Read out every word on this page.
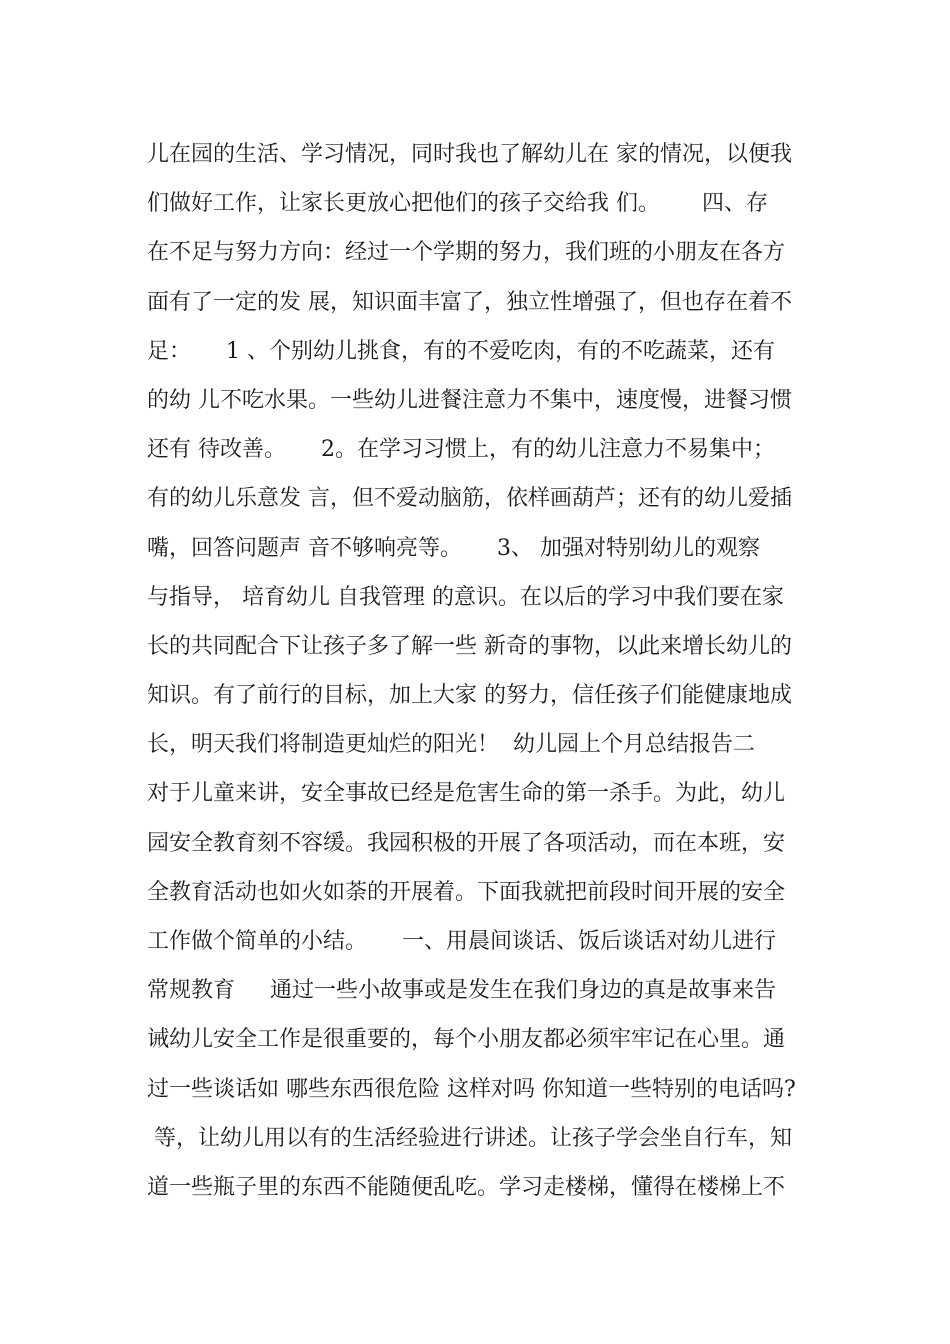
儿在园的生活、学习情况，同时我也了解幼儿在 家的情况，以便我
们做好工作，让家长更放心把他们的孩子交给我 们。      四、存
在不足与努力方向：经过一个学期的努力，我们班的小朋友在各方
面有了一定的发 展，知识面丰富了，独立性增强了，但也存在着不
足：     1 、个别幼儿挑食，有的不爱吃肉，有的不吃蔬菜，还有
的幼 儿不吃水果。一些幼儿进餐注意力不集中，速度慢，进餐习惯
还有 待改善。     2。在学习习惯上，有的幼儿注意力不易集中；
有的幼儿乐意发 言，但不爱动脑筋，依样画葫芦；还有的幼儿爱插
嘴，回答问题声 音不够响亮等。     3、 加强对特别幼儿的观察
与指导， 培育幼儿 自我管理 的意识。在以后的学习中我们要在家
长的共同配合下让孩子多了解一些 新奇的事物，以此来增长幼儿的
知识。有了前行的目标，加上大家 的努力，信任孩子们能健康地成
长，明天我们将制造更灿烂的阳光！  幼儿园上个月总结报告二
对于儿童来讲，安全事故已经是危害生命的第一杀手。为此，幼儿
园安全教育刻不容缓。我园积极的开展了各项活动，而在本班，安
全教育活动也如火如荼的开展着。下面我就把前段时间开展的安全
工作做个简单的小结。     一、用晨间谈话、饭后谈话对幼儿进行
常规教育     通过一些小故事或是发生在我们身边的真是故事来告
诫幼儿安全工作是很重要的，每个小朋友都必须牢牢记在心里。通
过一些谈话如 哪些东西很危险 这样对吗 你知道一些特别的电话吗?
等，让幼儿用以有的生活经验进行讲述。让孩子学会坐自行车，知
道一些瓶子里的东西不能随便乱吃。学习走楼梯，懂得在楼梯上不
